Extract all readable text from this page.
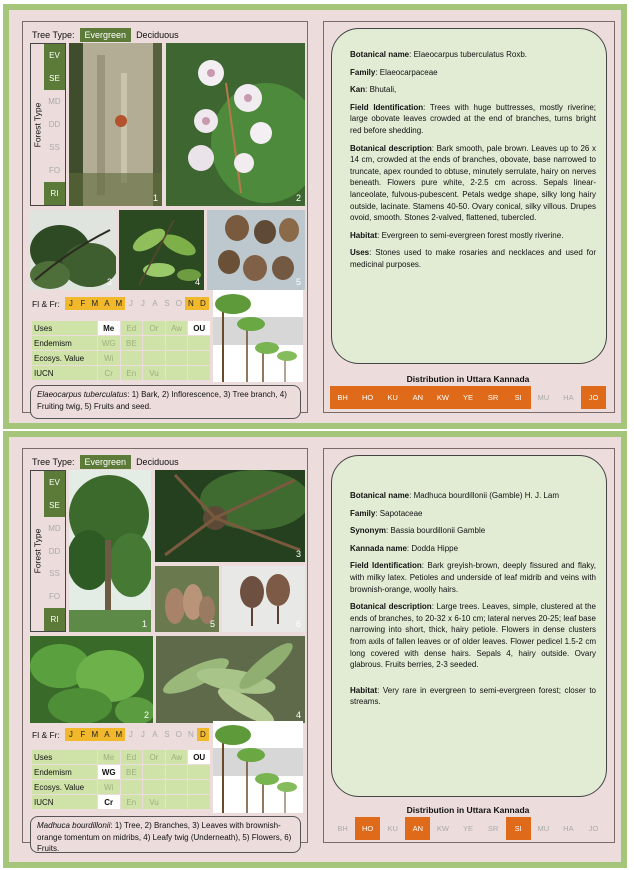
Tree Type:	Evergreen	Deciduous
Forest Type
EV
SE
MD
DD
SS
FO
RI	1	2
3	4	5
Fl & Fr:	J F M A M J	J A S O N D
Uses	Me	Ed	Or	Aw	OU
Endemism	WG	BE
Ecosys. Value	Wi
IUCN	Cr	En	Vu
Elaeocarpus tuberculatus: 1) Bark, 2) Inflorescence, 3) Tree branch, 4) Fruiting twig, 5) Fruits and seed.

Botanical name: Elaeocarpus tuberculatus Roxb.

Family: Elaeocarpaceae

Kan: Bhutali,

Field Identification: Trees with huge buttresses, mostly riverine; large obovate leaves crowded at the end of branches, turns bright red before shedding.

Botanical description: Bark smooth, pale brown. Leaves up to 26 x 14 cm, crowded at the ends of branches, obovate, base narrowed to truncate, apex rounded to obtuse, minutely serrulate, hairy on nerves beneath. Flowers pure white, 2-2.5 cm across. Sepals linear-lanceolate, fulvous-pubescent. Petals wedge shape, silky long hairy outside, lacinate. Stamens 40-50. Ovary conical, silky villous. Drupes ovoid, smooth. Stones 2-valved, flattened, tubercled.

Habitat: Evergreen to semi-evergreen forest mostly riverine.

Uses: Stones used to make rosaries and necklaces and used for medicinal purposes.

Distribution in Uttara Kannada
BH	HO	KU	AN	KW	YE	SR	SI	MU	HA	JO
Tree Type:	Evergreen	Deciduous
Forest Type
EV
SE
MD
DD
SS
FO
RI	1
3
5	6
2	4
Fl & Fr:	J F M A M J	J A S O N D
Uses	Me	Ed	Or	Aw	OU
Endemism	WG	BE
Ecosys. Value	Wi
IUCN	Cr	En	Vu
Madhuca bourdillonii: 1) Tree, 2) Branches, 3) Leaves with brownish-orange tomentum on midribs, 4) Leafy twig (Underneath), 5) Flowers, 6) Fruits.

Botanical name: Madhuca bourdillonii (Gamble) H. J. Lam

Family: Sapotaceae

Synonym: Bassia bourdillonii Gamble

Kannada name: Dodda Hippe

Field Identification: Bark greyish-brown, deeply fissured and flaky, with milky latex. Petioles and underside of leaf midrib and veins with brownish-orange, woolly hairs.

Botanical description: Large trees. Leaves, simple, clustered at the ends of branches, to 20-32 x 6-10 cm; lateral nerves 20-25; leaf base narrowing into short, thick, hairy petiole. Flowers in dense clusters from axils of fallen leaves or of older leaves. Flower pedicel 1.5-2 cm long covered with dense hairs. Sepals 4, hairy outside. Ovary glabrous. Fruits berries, 2-3 seeded.

Habitat: Very rare in evergreen to semi-evergreen forest; closer to streams.

Distribution in Uttara Kannada
BH	HO	KU	AN	KW	YE	SR	SI	MU	HA	JO
